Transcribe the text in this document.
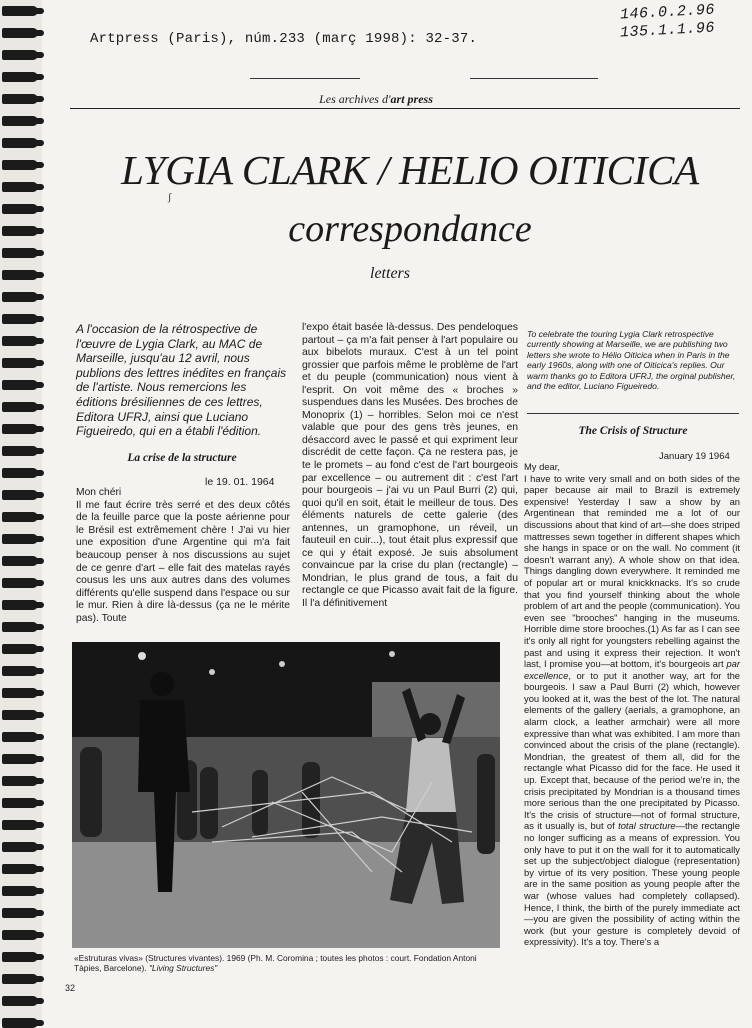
Artpress (Paris), núm.233 (març 1998): 32-37.
146.0.2.96
135.1.1.96
Les archives d'art press
LYGIA CLARK / HELIO OITICICA
ʃ
correspondance
letters
A l'occasion de la rétrospective de l'œuvre de Lygia Clark, au MAC de Marseille, jusqu'au 12 avril, nous publions des lettres inédites en français de l'artiste. Nous remercions les éditions brésiliennes de ces lettres, Editora UFRJ, ainsi que Luciano Figueiredo, qui en a établi l'édition.
La crise de la structure
le 19. 01. 1964
Mon chéri
Il me faut écrire très serré et des deux côtés de la feuille parce que la poste aérienne pour le Brésil est extrêmement chère ! J'ai vu hier une exposition d'une Argentine qui m'a fait beaucoup penser à nos discussions au sujet de ce genre d'art – elle fait des matelas rayés cousus les uns aux autres dans des volumes différents qu'elle suspend dans l'espace ou sur le mur. Rien à dire là-dessus (ça ne le mérite pas). Toute
l'expo était basée là-dessus. Des pendeloques partout – ça m'a fait penser à l'art populaire ou aux bibelots muraux. C'est à un tel point grossier que parfois même le problème de l'art et du peuple (communication) nous vient à l'esprit. On voit même des « broches » suspendues dans les Musées. Des broches de Monoprix (1) – horribles. Selon moi ce n'est valable que pour des gens très jeunes, en désaccord avec le passé et qui expriment leur discrédit de cette façon. Ça ne restera pas, je te le promets – au fond c'est de l'art bourgeois par excellence – ou autrement dit : c'est l'art pour bourgeois – j'ai vu un Paul Burri (2) qui, quoi qu'il en soit, était le meilleur de tous. Des éléments naturels de cette galerie (des antennes, un gramophone, un réveil, un fauteuil en cuir...), tout était plus expressif que ce qui y était exposé. Je suis absolument convaincue par la crise du plan (rectangle) – Mondrian, le plus grand de tous, a fait du rectangle ce que Picasso avait fait de la figure. Il l'a définitivement
To celebrate the touring Lygia Clark retrospective currently showing at Marseille, we are publishing two letters she wrote to Hélio Oiticica when in Paris in the early 1960s, along with one of Oiticica's replies. Our warm thanks go to Editora UFRJ, the orginal publisher, and the editor, Luciano Figueiredo.
The Crisis of Structure
January 19 1964
My dear,
I have to write very small and on both sides of the paper because air mail to Brazil is extremely expensive! Yesterday I saw a show by an Argentinean that reminded me a lot of our discussions about that kind of art—she does striped mattresses sewn together in different shapes which she hangs in space or on the wall. No comment (it doesn't warrant any). A whole show on that idea. Things dangling down everywhere. It reminded me of popular art or mural knickknacks. It's so crude that you find yourself thinking about the whole problem of art and the people (communication). You even see "brooches" hanging in the museums. Horrible dime store brooches.(1) As far as I can see it's only all right for youngsters rebelling against the past and using it express their rejection. It won't last, I promise you—at bottom, it's bourgeois art par excellence, or to put it another way, art for the bourgeois. I saw a Paul Burri (2) which, however you looked at it, was the best of the lot. The natural elements of the gallery (aerials, a gramophone, an alarm clock, a leather armchair) were all more expressive than what was exhibited. I am more than convinced about the crisis of the plane (rectangle). Mondrian, the greatest of them all, did for the rectangle what Picasso did for the face. He used it up. Except that, because of the period we're in, the crisis precipitated by Mondrian is a thousand times more serious than the one precipitated by Picasso. It's the crisis of structure—not of formal structure, as it usually is, but of total structure—the rectangle no longer sufficing as a means of expression. You only have to put it on the wall for it to automatically set up the subject/object dialogue (representation) by virtue of its very position. These young people are in the same position as young people after the war (whose values had completely collapsed). Hence, I think, the birth of the purely immediate act—you are given the possibility of acting within the work (but your gesture is completely devoid of expressivity). It's a toy. There's a
«Estruturas vivas» (Structures vivantes). 1969 (Ph. M. Coromina ; toutes les photos : court. Fondation Antoni Tàpies, Barcelone). "Living Structures"
32
